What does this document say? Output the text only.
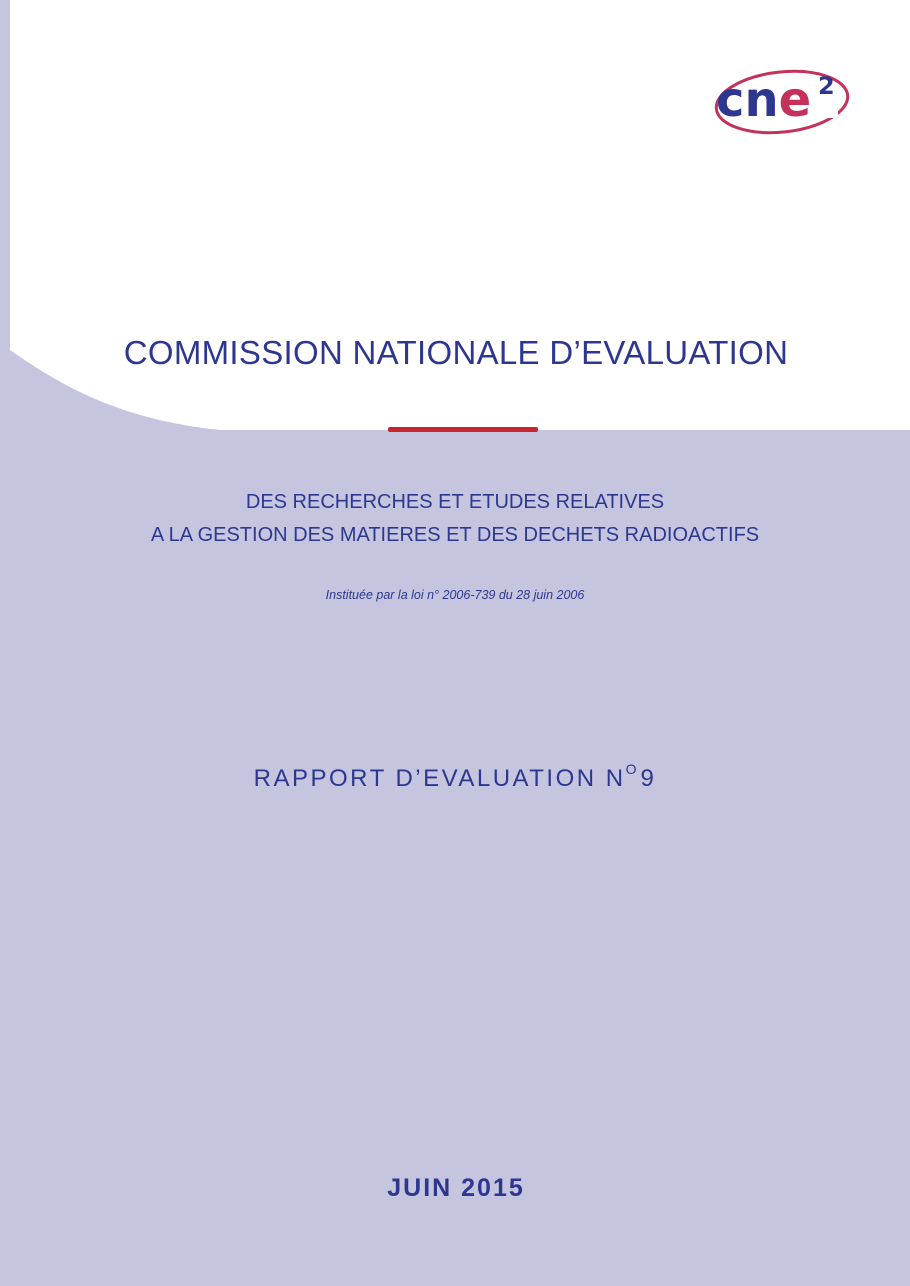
cne 2
COMMISSION NATIONALE D’EVALUATION
DES RECHERCHES ET ETUDES RELATIVES
A LA GESTION DES MATIERES ET DES DECHETS RADIOACTIFS
Instituée par la loi n° 2006-739 du 28 juin 2006
RAPPORT D’EVALUATION $N^O$ 9
JUIN 2015
